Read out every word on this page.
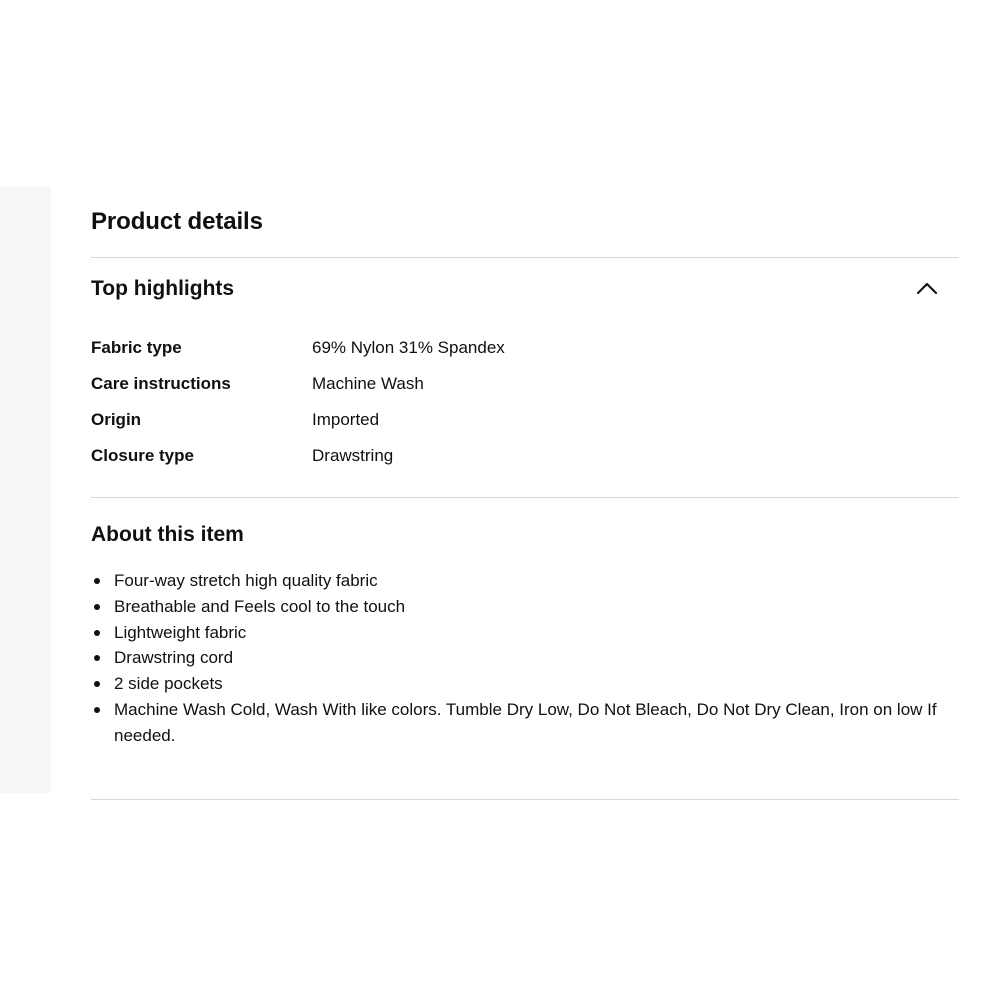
Product details
Top highlights
Fabric type	69% Nylon 31% Spandex
Care instructions	Machine Wash
Origin	Imported
Closure type	Drawstring
About this item
Four-way stretch high quality fabric
Breathable and Feels cool to the touch
Lightweight fabric
Drawstring cord
2 side pockets
Machine Wash Cold, Wash With like colors. Tumble Dry Low, Do Not Bleach, Do Not Dry Clean, Iron on low If needed.
